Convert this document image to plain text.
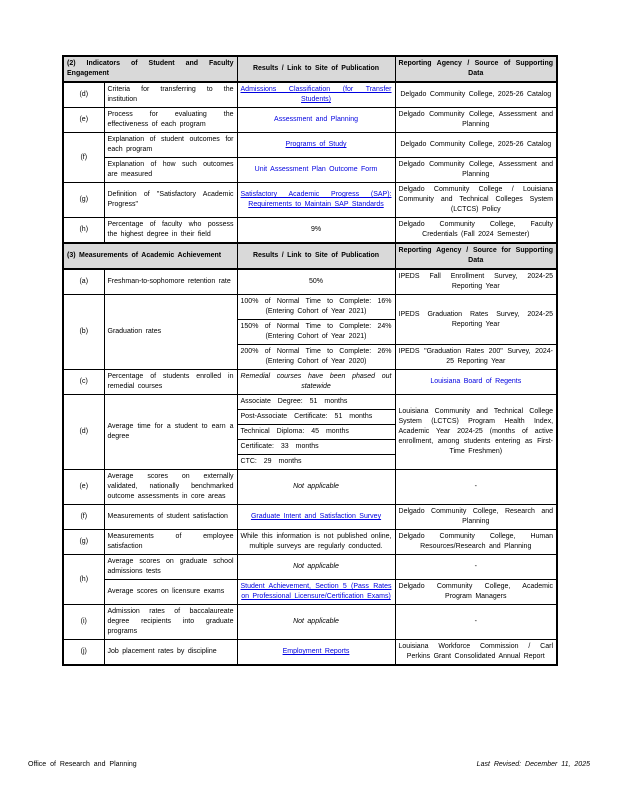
(2) Indicators of Student and Faculty Engagement		Results / Link to Site of Publication	Reporting Agency / Source of Supporting Data
(d)	Criteria for transferring to the institution	Admissions Classification (for Transfer Students)	Delgado Community College, 2025-26 Catalog
(e)	Process for evaluating the effectiveness of each program	Assessment and Planning	Delgado Community College, Assessment and Planning
(f)	Explanation of student outcomes for each program	Programs of Study	Delgado Community College, 2025-26 Catalog
	Explanation of how such outcomes are measured	Unit Assessment Plan Outcome Form	Delgado Community College, Assessment and Planning
(g)	Definition of "Satisfactory Academic Progress"	Satisfactory Academic Progress (SAP): Requirements to Maintain SAP Standards	Delgado Community College / Louisiana Community and Technical Colleges System (LCTCS) Policy
(h)	Percentage of faculty who possess the highest degree in their field	9%	Delgado Community College, Faculty Credentials (Fall 2024 Semester)
(3) Measurements of Academic Achievement		Results / Link to Site of Publication	Reporting Agency / Source for Supporting Data
(a)	Freshman-to-sophomore retention rate	50%	IPEDS Fall Enrollment Survey, 2024-25 Reporting Year
(b)	Graduation rates	100% of Normal Time to Complete: 16% (Entering Cohort of Year 2021)	IPEDS Graduation Rates Survey, 2024-25 Reporting Year
		150% of Normal Time to Complete: 24% (Entering Cohort of Year 2021)	
		200% of Normal Time to Complete: 26% (Entering Cohort of Year 2020)	IPEDS "Graduation Rates 200" Survey, 2024-25 Reporting Year
(c)	Percentage of students enrolled in remedial courses	Remedial courses have been phased out statewide	Louisiana Board of Regents
(d)	Average time for a student to earn a degree	Associate Degree: 51 months	Louisiana Community and Technical College System (LCTCS) Program Health Index, Academic Year 2024-25 (months of active enrollment, among students entering as First-Time Freshmen)
		Post-Associate Certificate: 51 months	
		Technical Diploma: 45 months	
		Certificate: 33 months	
		CTC: 29 months	
(e)	Average scores on externally validated, nationally benchmarked outcome assessments in core areas	Not applicable	-
(f)	Measurements of student satisfaction	Graduate Intent and Satisfaction Survey	Delgado Community College, Research and Planning
(g)	Measurements of employee satisfaction	While this information is not published online, multiple surveys are regularly conducted.	Delgado Community College, Human Resources/Research and Planning
(h)	Average scores on graduate school admissions tests	Not applicable	-
	Average scores on licensure exams	Student Achievement, Section 5 (Pass Rates on Professional Licensure/Certification Exams)	Delgado Community College, Academic Program Managers
(i)	Admission rates of baccalaureate degree recipients into graduate programs	Not applicable	-
(j)	Job placement rates by discipline	Employment Reports	Louisiana Workforce Commission / Carl Perkins Grant Consolidated Annual Report
Office of Research and Planning	Last Revised: December 11, 2025
